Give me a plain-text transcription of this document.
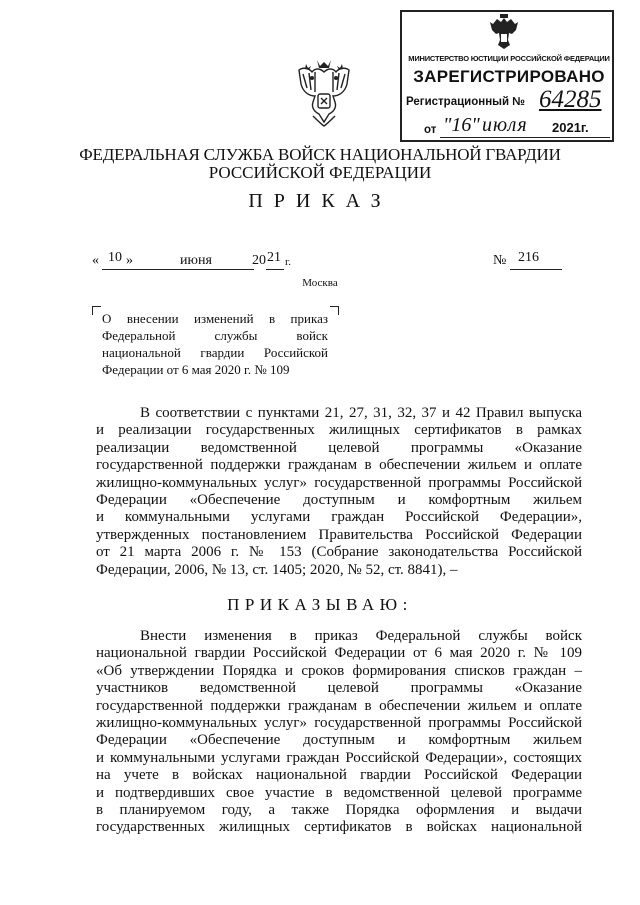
МИНИСТЕРСТВО ЮСТИЦИИ РОССИЙСКОЙ ФЕДЕРАЦИИ
ЗАРЕГИСТРИРОВАНО
Регистрационный № 64285
от "16" июля 2021г.
ФЕДЕРАЛЬНАЯ СЛУЖБА ВОЙСК НАЦИОНАЛЬНОЙ ГВАРДИИ
РОССИЙСКОЙ ФЕДЕРАЦИИ
ПРИКАЗ
« 10 »	июня	20 21 г.	№ 216
Москва
О внесении изменений в приказ
Федеральной службы войск
национальной гвардии Российской
Федерации от 6 мая 2020 г. № 109
В соответствии с пунктами 21, 27, 31, 32, 37 и 42 Правил выпуска
и реализации государственных жилищных сертификатов в рамках
реализации ведомственной целевой программы «Оказание
государственной поддержки гражданам в обеспечении жильем и оплате
жилищно-коммунальных услуг» государственной программы Российской
Федерации «Обеспечение доступным и комфортным жильем
и коммунальными услугами граждан Российской Федерации»,
утвержденных постановлением Правительства Российской Федерации
от 21 марта 2006 г. № 153 (Собрание законодательства Российской
Федерации, 2006, № 13, ст. 1405; 2020, № 52, ст. 8841), –
ПРИКАЗЫВАЮ:
Внести изменения в приказ Федеральной службы войск
национальной гвардии Российской Федерации от 6 мая 2020 г. № 109
«Об утверждении Порядка и сроков формирования списков граждан –
участников ведомственной целевой программы «Оказание
государственной поддержки гражданам в обеспечении жильем и оплате
жилищно-коммунальных услуг» государственной программы Российской
Федерации «Обеспечение доступным и комфортным жильем
и коммунальными услугами граждан Российской Федерации», состоящих
на учете в войсках национальной гвардии Российской Федерации
и подтвердивших свое участие в ведомственной целевой программе
в планируемом году, а также Порядка оформления и выдачи
государственных жилищных сертификатов в войсках национальной
